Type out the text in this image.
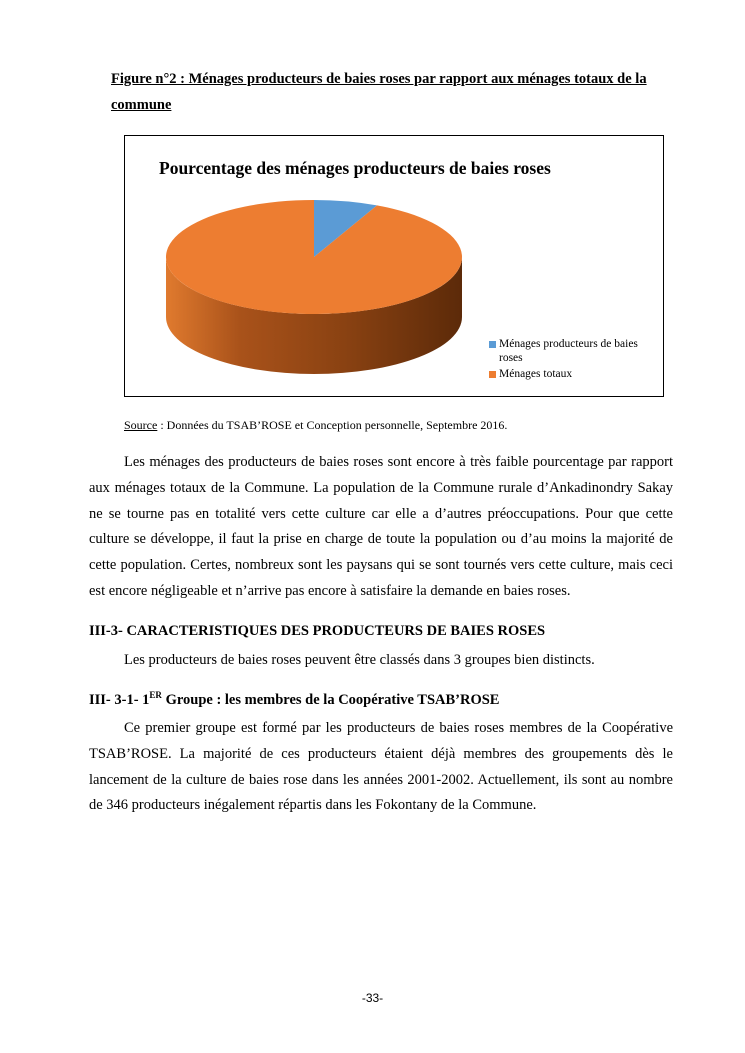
Figure n°2 : Ménages producteurs de baies roses par rapport aux ménages totaux de la commune
Pourcentage des ménages producteurs de baies roses
Ménages producteurs de baies roses
Ménages totaux
Source : Données du TSAB’ROSE et Conception personnelle, Septembre 2016.
Les ménages des producteurs de baies roses sont encore à très faible pourcentage par rapport aux ménages totaux de la Commune. La population de la Commune rurale d’Ankadinondry Sakay ne se tourne pas en totalité vers cette culture car elle a d’autres préoccupations. Pour que cette culture se développe, il faut la prise en charge de toute la population ou d’au moins la majorité de cette population. Certes, nombreux sont les paysans qui se sont tournés vers cette culture, mais ceci est encore négligeable et n’arrive pas encore à satisfaire la demande en baies roses.
III-3- CARACTERISTIQUES DES PRODUCTEURS DE BAIES ROSES
Les producteurs de baies roses peuvent être classés dans 3 groupes bien distincts.
III- 3-1- 1ER Groupe : les membres de la Coopérative TSAB’ROSE
Ce premier groupe est formé par les producteurs de baies roses membres de la Coopérative TSAB’ROSE. La majorité de ces producteurs étaient déjà membres des groupements dès le lancement de la culture de baies rose dans les années 2001-2002. Actuellement, ils sont au nombre de 346 producteurs inégalement répartis dans les Fokontany de la Commune.
-33-
